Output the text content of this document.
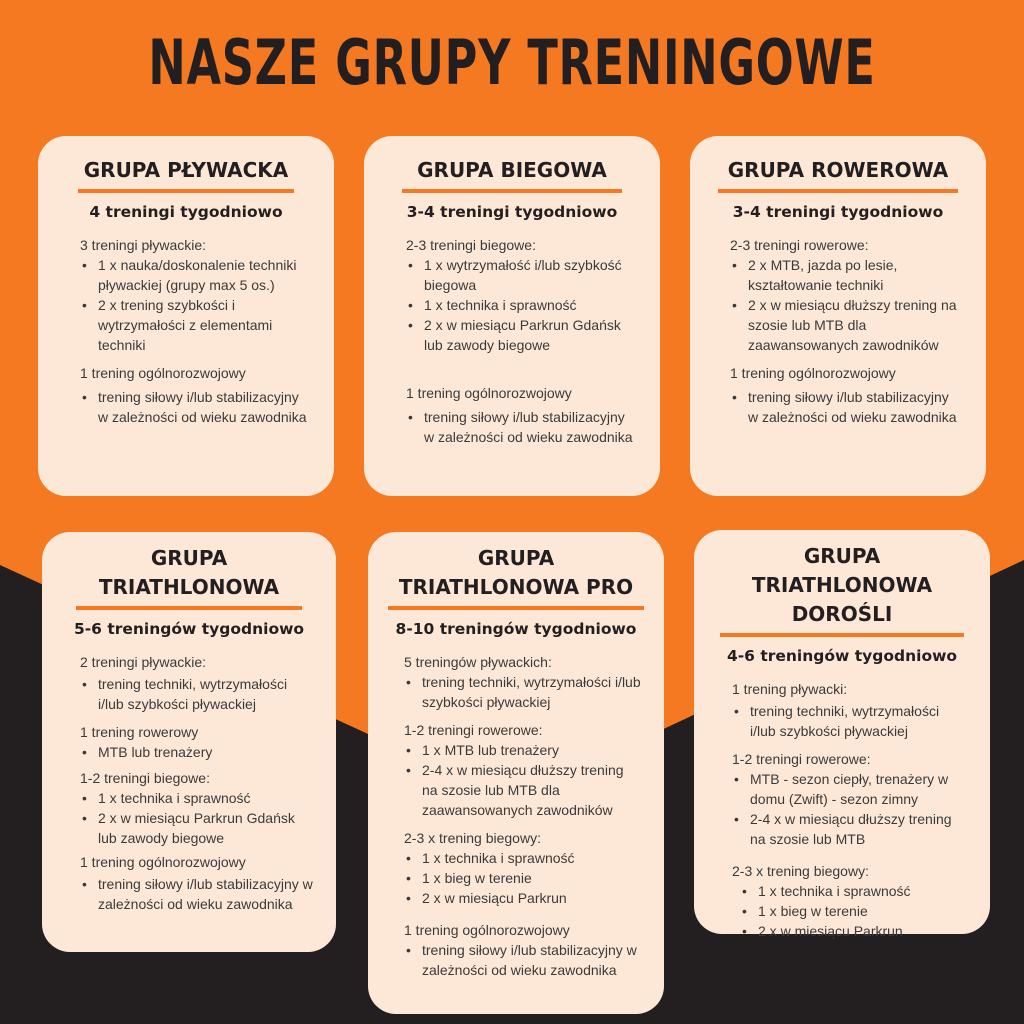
NASZE GRUPY TRENINGOWE
GRUPA PŁYWACKA
4 treningi tygodniowo
3 treningi pływackie:
• 1 x nauka/doskonalenie techniki pływackiej (grupy max 5 os.)
• 2 x trening szybkości i wytrzymałości z elementami techniki
1 trening ogólnorozwojowy
• trening siłowy i/lub stabilizacyjny w zależności od wieku zawodnika
GRUPA BIEGOWA
3-4 treningi tygodniowo
2-3 treningi biegowe:
• 1 x wytrzymałość i/lub szybkość biegowa
• 1 x technika i sprawność
• 2 x w miesiącu Parkrun Gdańsk lub zawody biegowe
1 trening ogólnorozwojowy
• trening siłowy i/lub stabilizacyjny w zależności od wieku zawodnika
GRUPA ROWEROWA
3-4 treningi tygodniowo
2-3 treningi rowerowe:
• 2 x MTB, jazda po lesie, kształtowanie techniki
• 2 x w miesiącu dłuższy trening na szosie lub MTB dla zaawansowanych zawodników
1 trening ogólnorozwojowy
• trening siłowy i/lub stabilizacyjny w zależności od wieku zawodnika
GRUPA
TRIATHLONOWA
5-6 treningów tygodniowo
2 treningi pływackie:
• trening techniki, wytrzymałości i/lub szybkości pływackiej
1 trening rowerowy
• MTB lub trenażery
1-2 treningi biegowe:
• 1 x technika i sprawność
• 2 x w miesiącu Parkrun Gdańsk lub zawody biegowe
1 trening ogólnorozwojowy
• trening siłowy i/lub stabilizacyjny w zależności od wieku zawodnika
GRUPA
TRIATHLONOWA PRO
8-10 treningów tygodniowo
5 treningów pływackich:
• trening techniki, wytrzymałości i/lub szybkości pływackiej
1-2 treningi rowerowe:
• 1 x MTB lub trenażery
• 2-4 x w miesiącu dłuższy trening na szosie lub MTB dla zaawansowanych zawodników
2-3 x trening biegowy:
• 1 x technika i sprawność
• 1 x bieg w terenie
• 2 x w miesiącu Parkrun
1 trening ogólnorozwojowy
• trening siłowy i/lub stabilizacyjny w zależności od wieku zawodnika
GRUPA TRIATHLONOWA
DOROŚLI
4-6 treningów tygodniowo
1 trening pływacki:
• trening techniki, wytrzymałości i/lub szybkości pływackiej
1-2 treningi rowerowe:
• MTB - sezon ciepły, trenażery w domu (Zwift) - sezon zimny
• 2-4 x w miesiącu dłuższy trening na szosie lub MTB
2-3 x trening biegowy:
• 1 x technika i sprawność
• 1 x bieg w terenie
• 2 x w miesiącu Parkrun
